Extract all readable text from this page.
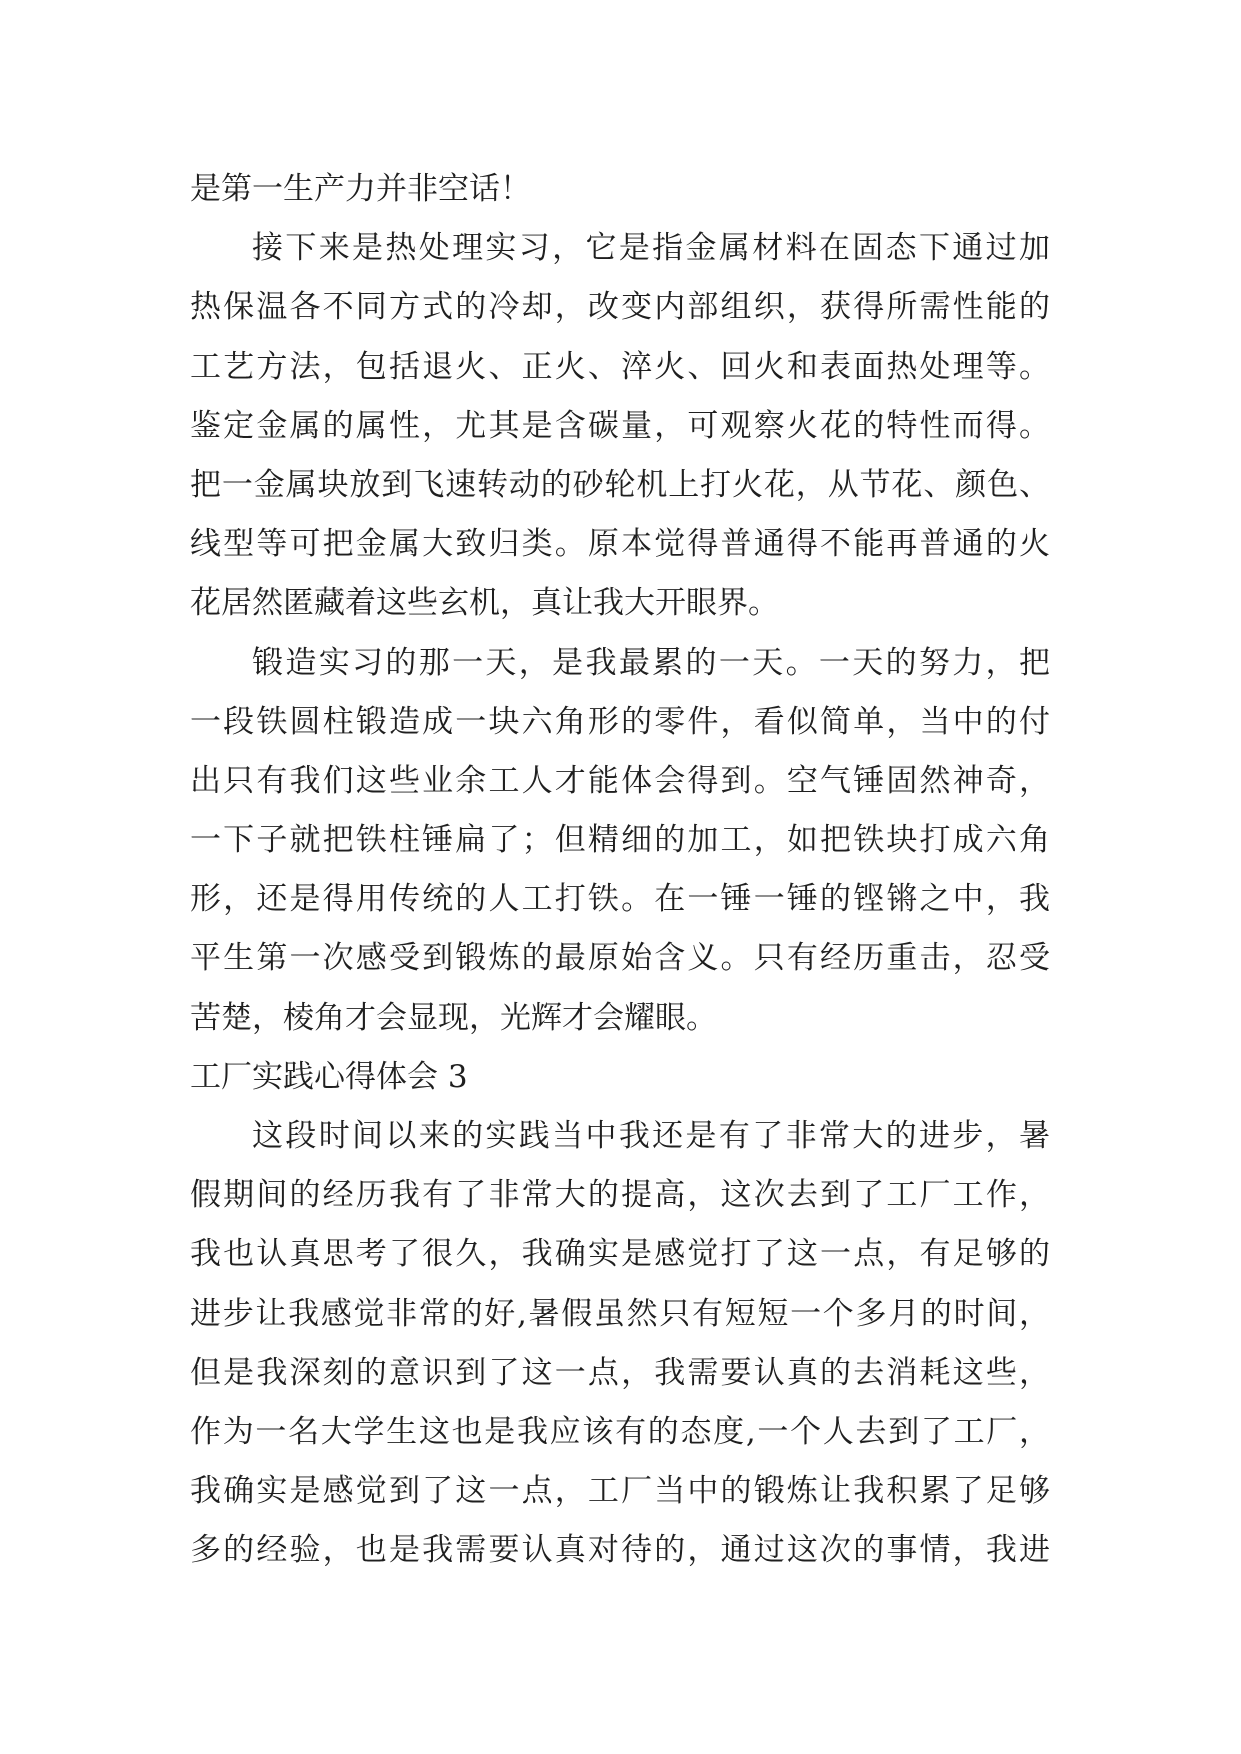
是第一生产力并非空话！
接下来是热处理实习，它是指金属材料在固态下通过加
热保温各不同方式的冷却，改变内部组织，获得所需性能的
工艺方法，包括退火、正火、淬火、回火和表面热处理等。
鉴定金属的属性，尤其是含碳量，可观察火花的特性而得。
把一金属块放到飞速转动的砂轮机上打火花，从节花、颜色、
线型等可把金属大致归类。原本觉得普通得不能再普通的火
花居然匿藏着这些玄机，真让我大开眼界。
锻造实习的那一天，是我最累的一天。一天的努力，把
一段铁圆柱锻造成一块六角形的零件，看似简单，当中的付
出只有我们这些业余工人才能体会得到。空气锤固然神奇，
一下子就把铁柱锤扁了；但精细的加工，如把铁块打成六角
形，还是得用传统的人工打铁。在一锤一锤的铿锵之中，我
平生第一次感受到锻炼的最原始含义。只有经历重击，忍受
苦楚，棱角才会显现，光辉才会耀眼。
工厂实践心得体会 3
这段时间以来的实践当中我还是有了非常大的进步，暑
假期间的经历我有了非常大的提高，这次去到了工厂工作，
我也认真思考了很久，我确实是感觉打了这一点，有足够的
进步让我感觉非常的好,暑假虽然只有短短一个多月的时间，
但是我深刻的意识到了这一点，我需要认真的去消耗这些，
作为一名大学生这也是我应该有的态度,一个人去到了工厂，
我确实是感觉到了这一点，工厂当中的锻炼让我积累了足够
多的经验，也是我需要认真对待的，通过这次的事情，我进
